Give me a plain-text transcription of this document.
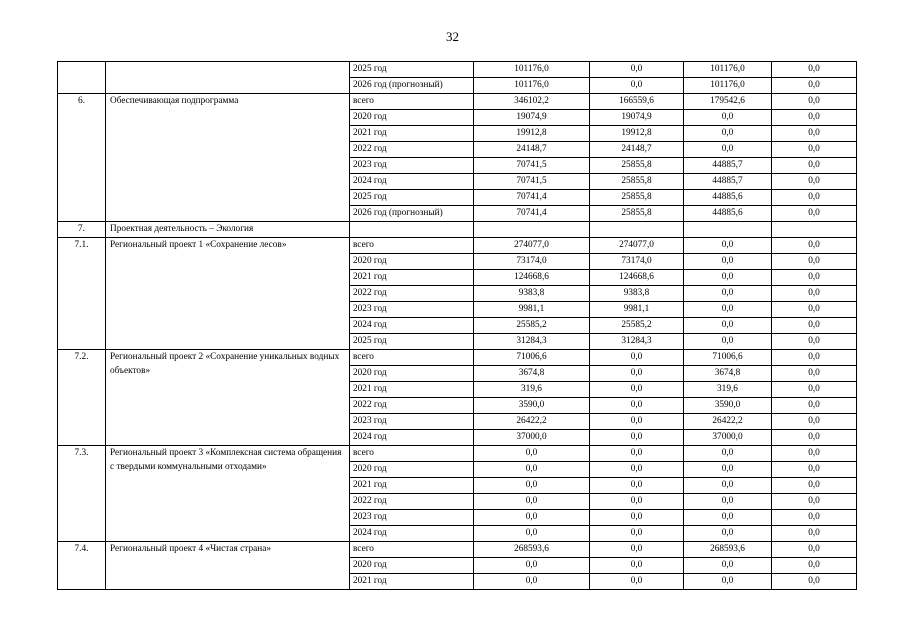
32
		2025 год	101176,0	0,0	101176,0	0,0
		2026 год (прогнозный)	101176,0	0,0	101176,0	0,0
6.	Обеспечивающая подпрограмма	всего	346102,2	166559,6	179542,6	0,0
		2020 год	19074,9	19074,9	0,0	0,0
		2021 год	19912,8	19912,8	0,0	0,0
		2022 год	24148,7	24148,7	0,0	0,0
		2023 год	70741,5	25855,8	44885,7	0,0
		2024 год	70741,5	25855,8	44885,7	0,0
		2025 год	70741,4	25855,8	44885,6	0,0
		2026 год (прогнозный)	70741,4	25855,8	44885,6	0,0
7.	Проектная деятельность – Экология					
7.1.	Региональный проект 1 «Сохранение лесов»	всего	274077,0	274077,0	0,0	0,0
		2020 год	73174,0	73174,0	0,0	0,0
		2021 год	124668,6	124668,6	0,0	0,0
		2022 год	9383,8	9383,8	0,0	0,0
		2023 год	9981,1	9981,1	0,0	0,0
		2024 год	25585,2	25585,2	0,0	0,0
		2025 год	31284,3	31284,3	0,0	0,0
7.2.	Региональный проект 2 «Сохранение уникальных водных объектов»	всего	71006,6	0,0	71006,6	0,0
		2020 год	3674,8	0,0	3674,8	0,0
		2021 год	319,6	0,0	319,6	0,0
		2022 год	3590,0	0,0	3590,0	0,0
		2023 год	26422,2	0,0	26422,2	0,0
		2024 год	37000,0	0,0	37000,0	0,0
7.3.	Региональный проект 3 «Комплексная система обращения с твердыми коммунальными отходами»	всего	0,0	0,0	0,0	0,0
		2020 год	0,0	0,0	0,0	0,0
		2021 год	0,0	0,0	0,0	0,0
		2022 год	0,0	0,0	0,0	0,0
		2023 год	0,0	0,0	0,0	0,0
		2024 год	0,0	0,0	0,0	0,0
7.4.	Региональный проект 4 «Чистая страна»	всего	268593,6	0,0	268593,6	0,0
		2020 год	0,0	0,0	0,0	0,0
		2021 год	0,0	0,0	0,0	0,0
